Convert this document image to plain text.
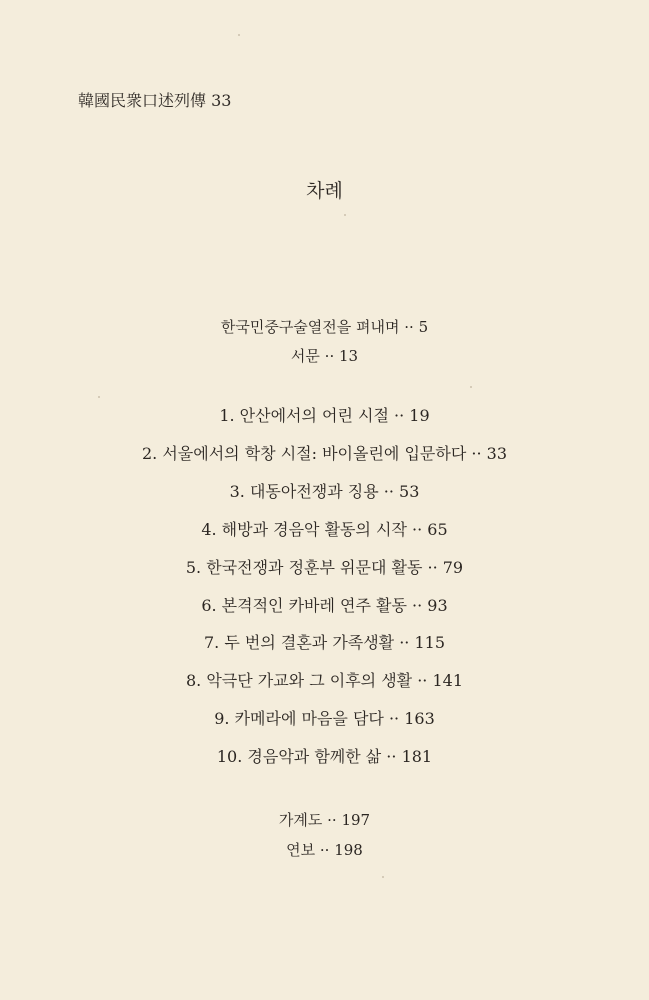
韓國民衆口述列傳 33
차례
한국민중구술열전을 펴내며 ·· 5
서문 ·· 13
1. 안산에서의 어린 시절 ·· 19
2. 서울에서의 학창 시절: 바이올린에 입문하다 ·· 33
3. 대동아전쟁과 징용 ·· 53
4. 해방과 경음악 활동의 시작 ·· 65
5. 한국전쟁과 정훈부 위문대 활동 ·· 79
6. 본격적인 카바레 연주 활동 ·· 93
7. 두 번의 결혼과 가족생활 ·· 115
8. 악극단 가교와 그 이후의 생활 ·· 141
9. 카메라에 마음을 담다 ·· 163
10. 경음악과 함께한 삶 ·· 181
가계도 ·· 197
연보 ·· 198
